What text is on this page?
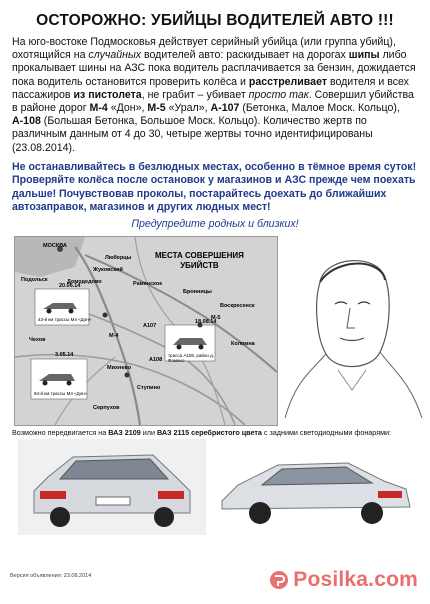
ОСТОРОЖНО: УБИЙЦЫ ВОДИТЕЛЕЙ АВТО !!!

На юго-востоке Подмосковья действует серийный убийца (или группа убийц), охотящийся на случайных водителей авто: раскидывает на дорогах шипы либо прокалывает шины на АЗС пока водитель расплачивается за бензин, дожидается пока водитель остановится проверить колёса и расстреливает водителя и всех пассажиров из пистолета, не грабит – убивает просто так. Совершил убийства в районе дорог М-4 «Дон», М-5 «Урал», А-107 (Бетонка, Малое Моск. Кольцо), А-108 (Большая Бетонка, Большое Моск. Кольцо). Количество жертв по различным данным от 4 до 30, четыре жертвы точно идентифицированы (23.08.2014).

Не останавливайтесь в безлюдных местах, особенно в тёмное время суток! Проверяйте колёса после остановок у магазинов и АЗС прежде чем поехать дальше! Почувствовав проколы, постарайтесь доехать до ближайших автозаправок, магазинов и других людных мест!
Предупредите родных и близких!
МЕСТА СОВЕРШЕНИЯ
УБИЙСТВ
МОСКВА
Люберцы
Жуковский
Раменское
Бронницы
Домодедово
Подольск
Воскресенск
Коломна
Ступино
Чехов
Михнево
Серпухов
М-4
М-5
А107
А108
20.06.14
43-й км трассы М4 «Дон»	18.08.14
трасса А108, район д. Фомино
3.05.14
84-й км трассы М4 «Дон»
Возможно передвигается на ВАЗ 2109 или ВАЗ 2115 серебристого цвета с задними светодиодными фонарями:
Версия объявления: 23.08.2014	Posilka.com
